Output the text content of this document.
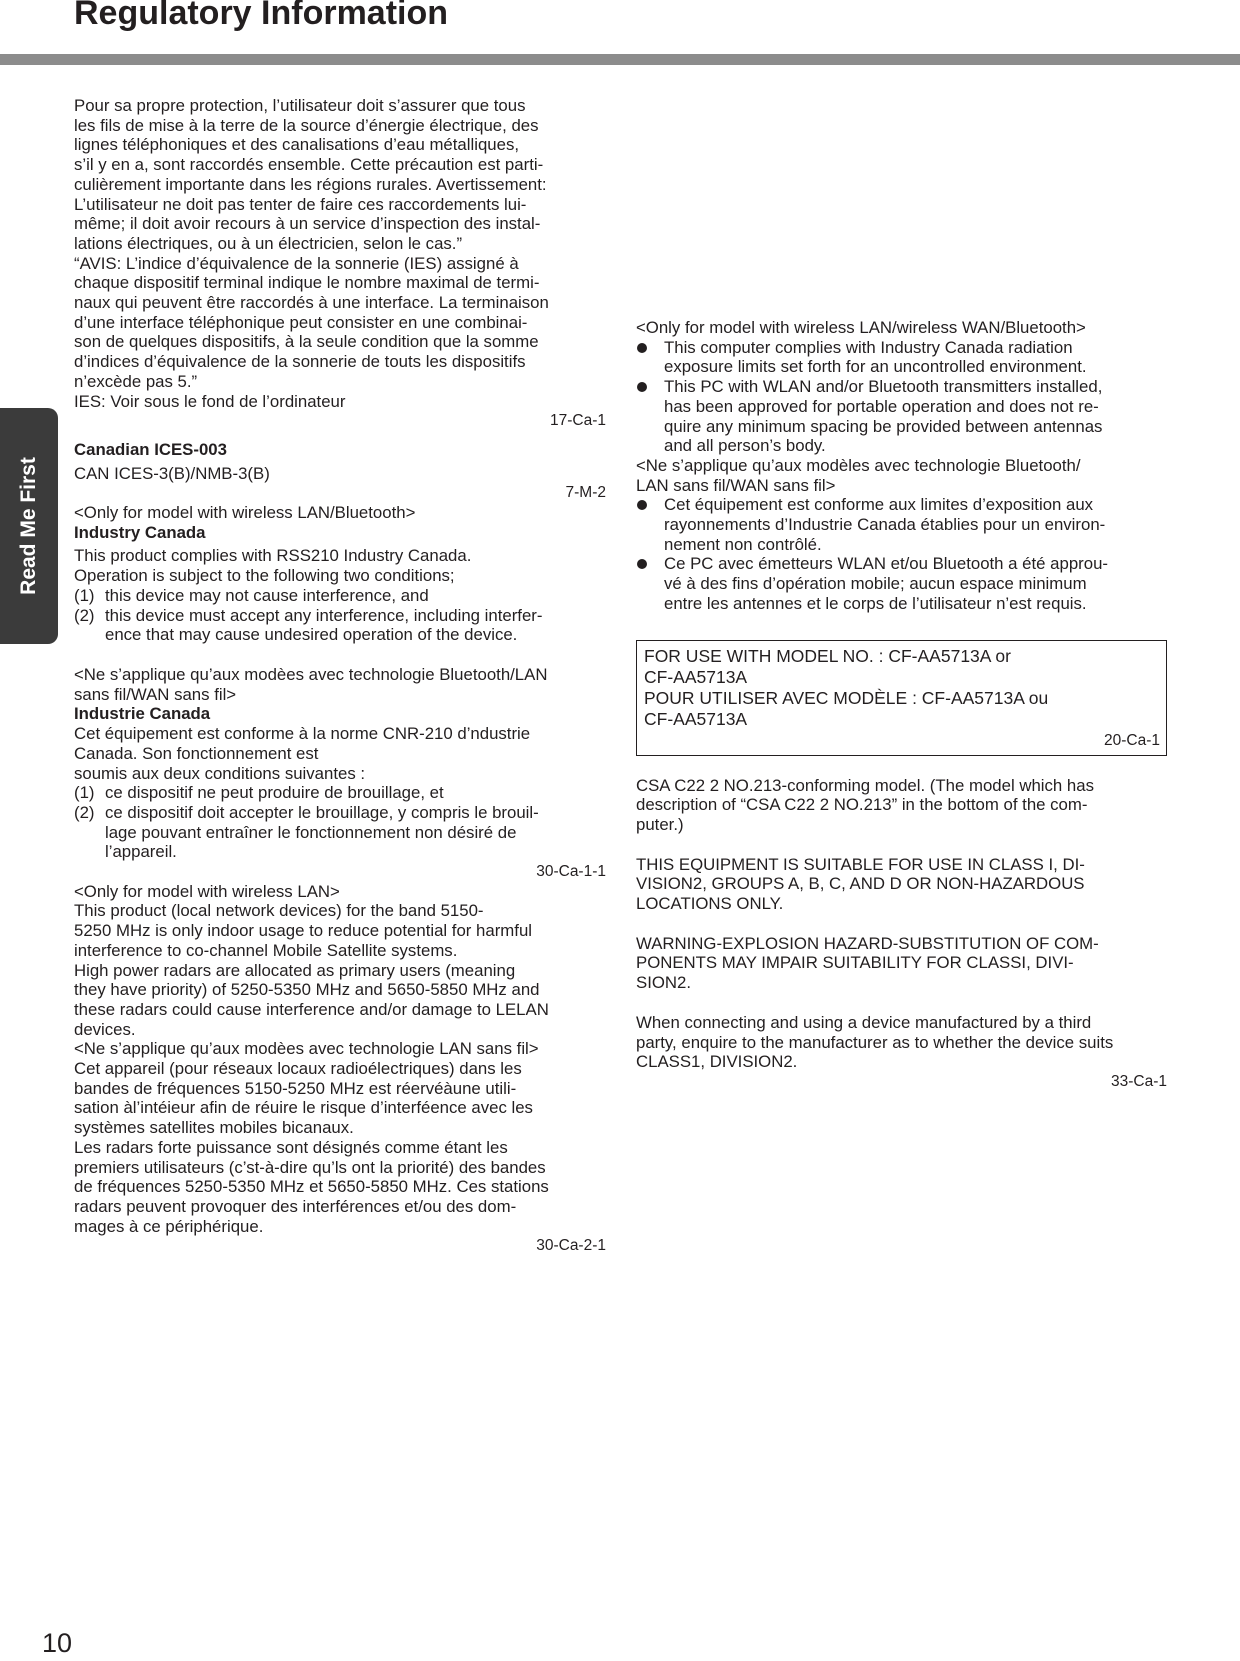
Regulatory Information
Read Me First
Pour sa propre protection, l’utilisateur doit s’assurer que tous
les fils de mise à la terre de la source d’énergie électrique, des
lignes téléphoniques et des canalisations d’eau métalliques,
s’il y en a, sont raccordés ensemble. Cette précaution est parti-
culièrement importante dans les régions rurales. Avertissement:
L’utilisateur ne doit pas tenter de faire ces raccordements lui-
même; il doit avoir recours à un service d’inspection des instal-
lations électriques, ou à un électricien, selon le cas.”
“AVIS: L’indice d’équivalence de la sonnerie (IES) assigné à
chaque dispositif terminal indique le nombre maximal de termi-
naux qui peuvent être raccordés à une interface. La terminaison
d’une interface téléphonique peut consister en une combinai-
son de quelques dispositifs, à la seule condition que la somme
d’indices d’équivalence de la sonnerie de touts les dispositifs
n’excède pas 5.”
IES: Voir sous le fond de l’ordinateur

17-Ca-1

Canadian ICES-003

CAN ICES-3(B)/NMB-3(B)

7-M-2

<Only for model with wireless LAN/Bluetooth>

Industry Canada

This product complies with RSS210 Industry Canada.
Operation is subject to the following two conditions;
(1) this device may not cause interference, and
(2) this device must accept any interference, including interfer-
ence that may cause undesired operation of the device.
<Ne s’applique qu’aux modèes avec technologie Bluetooth/LAN
sans fil/WAN sans fil>

Industrie Canada

Cet équipement est conforme à la norme CNR-210 d’ndustrie
Canada. Son fonctionnement est
soumis aux deux conditions suivantes :
(1) ce dispositif ne peut produire de brouillage, et
(2) ce dispositif doit accepter le brouillage, y compris le brouil-
lage pouvant entraîner le fonctionnement non désiré de
l’appareil.

30-Ca-1-1

<Only for model with wireless LAN>
This product (local network devices) for the band 5150-
5250 MHz is only indoor usage to reduce potential for harmful
interference to co-channel Mobile Satellite systems.
High power radars are allocated as primary users (meaning
they have priority) of 5250-5350 MHz and 5650-5850 MHz and
these radars could cause interference and/or damage to LELAN
devices.
<Ne s’applique qu’aux modèes avec technologie LAN sans fil>
Cet appareil (pour réseaux locaux radioélectriques) dans les
bandes de fréquences 5150-5250 MHz est réervéàune utili-
sation àl’intéieur afin de réuire le risque d’interféence avec les
systèmes satellites mobiles bicanaux.
Les radars forte puissance sont désignés comme étant les
premiers utilisateurs (c’st-à-dire qu’ls ont la priorité) des bandes
de fréquences 5250-5350 MHz et 5650-5850 MHz. Ces stations
radars peuvent provoquer des interférences et/ou des dom-
mages à ce périphérique.

30-Ca-2-1

<Only for model with wireless LAN/wireless WAN/Bluetooth>

This computer complies with Industry Canada radiation
exposure limits set forth for an uncontrolled environment.
This PC with WLAN and/or Bluetooth transmitters installed,
has been approved for portable operation and does not re-
quire any minimum spacing be provided between antennas
and all person’s body.
<Ne s’applique qu’aux modèles avec technologie Bluetooth/
LAN sans fil/WAN sans fil>
Cet équipement est conforme aux limites d’exposition aux
rayonnements d’Industrie Canada établies pour un environ-
nement non contrôlé.
Ce PC avec émetteurs WLAN et/ou Bluetooth a été approu-
vé à des fins d’opération mobile; aucun espace minimum
entre les antennes et le corps de l’utilisateur n’est requis.
FOR USE WITH MODEL NO. : CF-AA5713A or
CF-AA5713A
POUR UTILISER AVEC MODÈLE : CF-AA5713A ou
CF-AA5713A

20-Ca-1

CSA C22 2 NO.213-conforming model. (The model which has
description of “CSA C22 2 NO.213” in the bottom of the com-
puter.)
THIS EQUIPMENT IS SUITABLE FOR USE IN CLASS I, DI-
VISION2, GROUPS A, B, C, AND D OR NON-HAZARDOUS
LOCATIONS ONLY.
WARNING-EXPLOSION HAZARD-SUBSTITUTION OF COM-
PONENTS MAY IMPAIR SUITABILITY FOR CLASSI, DIVI-
SION2.
When connecting and using a device manufactured by a third
party, enquire to the manufacturer as to whether the device suits
CLASS1, DIVISION2.

33-Ca-1

10
